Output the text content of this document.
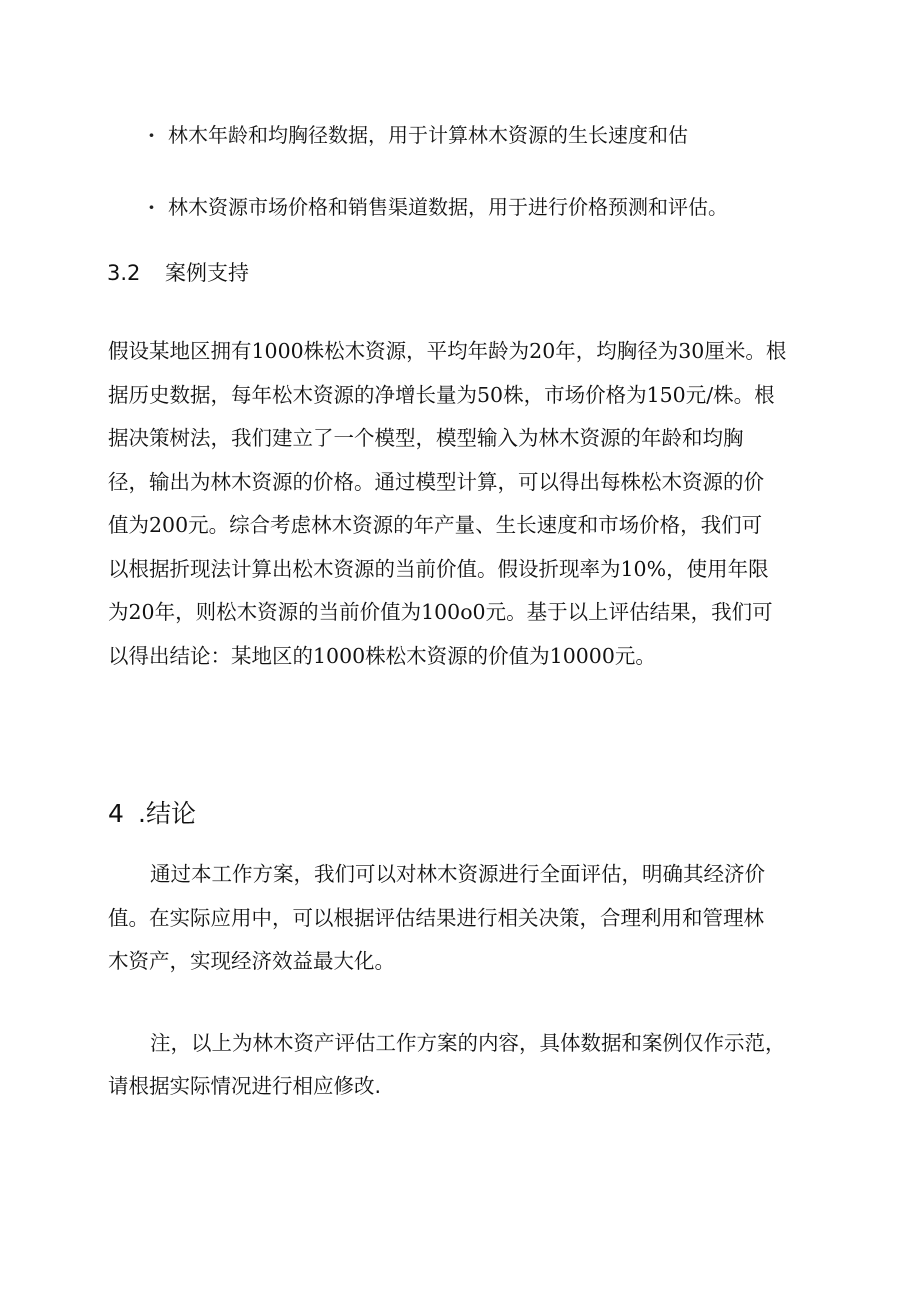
· 林木年龄和均胸径数据，用于计算林木资源的生长速度和估
· 林木资源市场价格和销售渠道数据，用于进行价格预测和评估。
3.2 案例支持
假设某地区拥有1000株松木资源，平均年龄为20年，均胸径为30厘米。根
据历史数据，每年松木资源的净增长量为50株，市场价格为150元/株。根
据决策树法，我们建立了一个模型，模型输入为林木资源的年龄和均胸
径，输出为林木资源的价格。通过模型计算，可以得出每株松木资源的价
值为200元。综合考虑林木资源的年产量、生长速度和市场价格，我们可
以根据折现法计算出松木资源的当前价值。假设折现率为10%，使用年限
为20年，则松木资源的当前价值为100o0元。基于以上评估结果，我们可
以得出结论：某地区的1000株松木资源的价值为10000元。
4 .结论
通过本工作方案，我们可以对林木资源进行全面评估，明确其经济价
值。在实际应用中，可以根据评估结果进行相关决策，合理利用和管理林
木资产，实现经济效益最大化。
注，以上为林木资产评估工作方案的内容，具体数据和案例仅作示范，
请根据实际情况进行相应修改.
